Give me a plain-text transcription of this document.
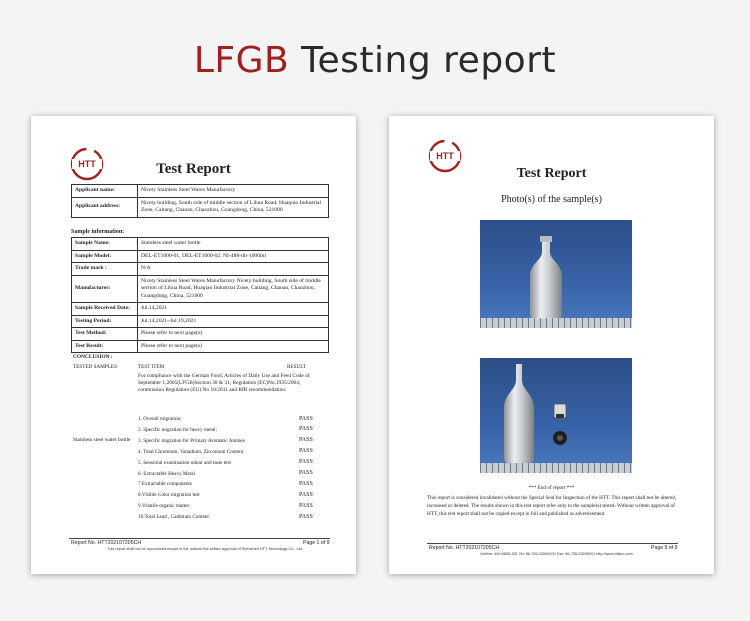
LFGB Testing report
HTT	Test Report
Applicant name:	Nicety Stainless Steel Wares Manufactory
Applicant address:	Nicety building, South side of middle section of Lihua Road, Huaquio Industrial Zone, Caitang, Chaoan, Chaozhou, Guangdong, China, 521000
Sample information:
Sample Name:	Stainless steel water bottle
Sample Model:	DEL-ET1000-01, DEL-ET1000-02, NI-488-tlb-1000ml
Trade mark :	N/A
Manufacturer:	Nicety Stainless Steel Wares Manufactory Nicety building, South side of middle section of Lihua Road, Huaqiao Industrial Zone, Caitang, Chaoan, Chaozhou, Guangdong, China, 521000
Sample Received Date:	Jul.14,2021
Testing Period:	Jul.14,2021~Jul.19,2021
Test Method:	Please refer to next page(s)
Test Result:	Please refer to next page(s)
CONCLUSION :
TESTED SAMPLES	TEST ITEM	RESULT
For compliance with the German Food, Articles of Daily Use and Feed Code of September 1,2005(LFGB)Section 30 & 31, Regulation (EC)No.1935/2004, commission Regulation (EU) No 10/2011 and BfR recommendation:
Stainless steel water bottle
1. Overall migration;	PASS
2. Specific migration for heavy metal;	PASS
3. Specific migration for Primary Aromatic Amines	PASS
4. Total Chromium, Vanadium, Zirconium Content	PASS
5. Sensorial examination odour and taste test	PASS
6. Extractable Heavy Metal	PASS
7.Extractable components	PASS
8.Visible Color migration test	PASS
9.Volatile organic matter	PASS
10.Total Lead , Cadmium Content	PASS
Report No. HTT202107205CH	Page 1 of 9
This report shall not be reproduced except in full, without the written approval of Shenzhen HTT Technology Co., Ltd.
HTT
Test Report
Photo(s) of the sample(s)
*** End of report ***
This report is considered invalidated without the Special Seal for Inspection of the HTT. This report shall not be altered, increased or deleted. The results shown in this test report refer only to the sample(s) tested. Without written approval of HTT, this test report shall not be copied except in full and published as advertisement.
Report No. HTT202107205CH	Page 9 of 9
Hotline: 400-6655-351 Tel: 86-755-23595200 Fax: 86-755-23595201 http://www.httpro.com
